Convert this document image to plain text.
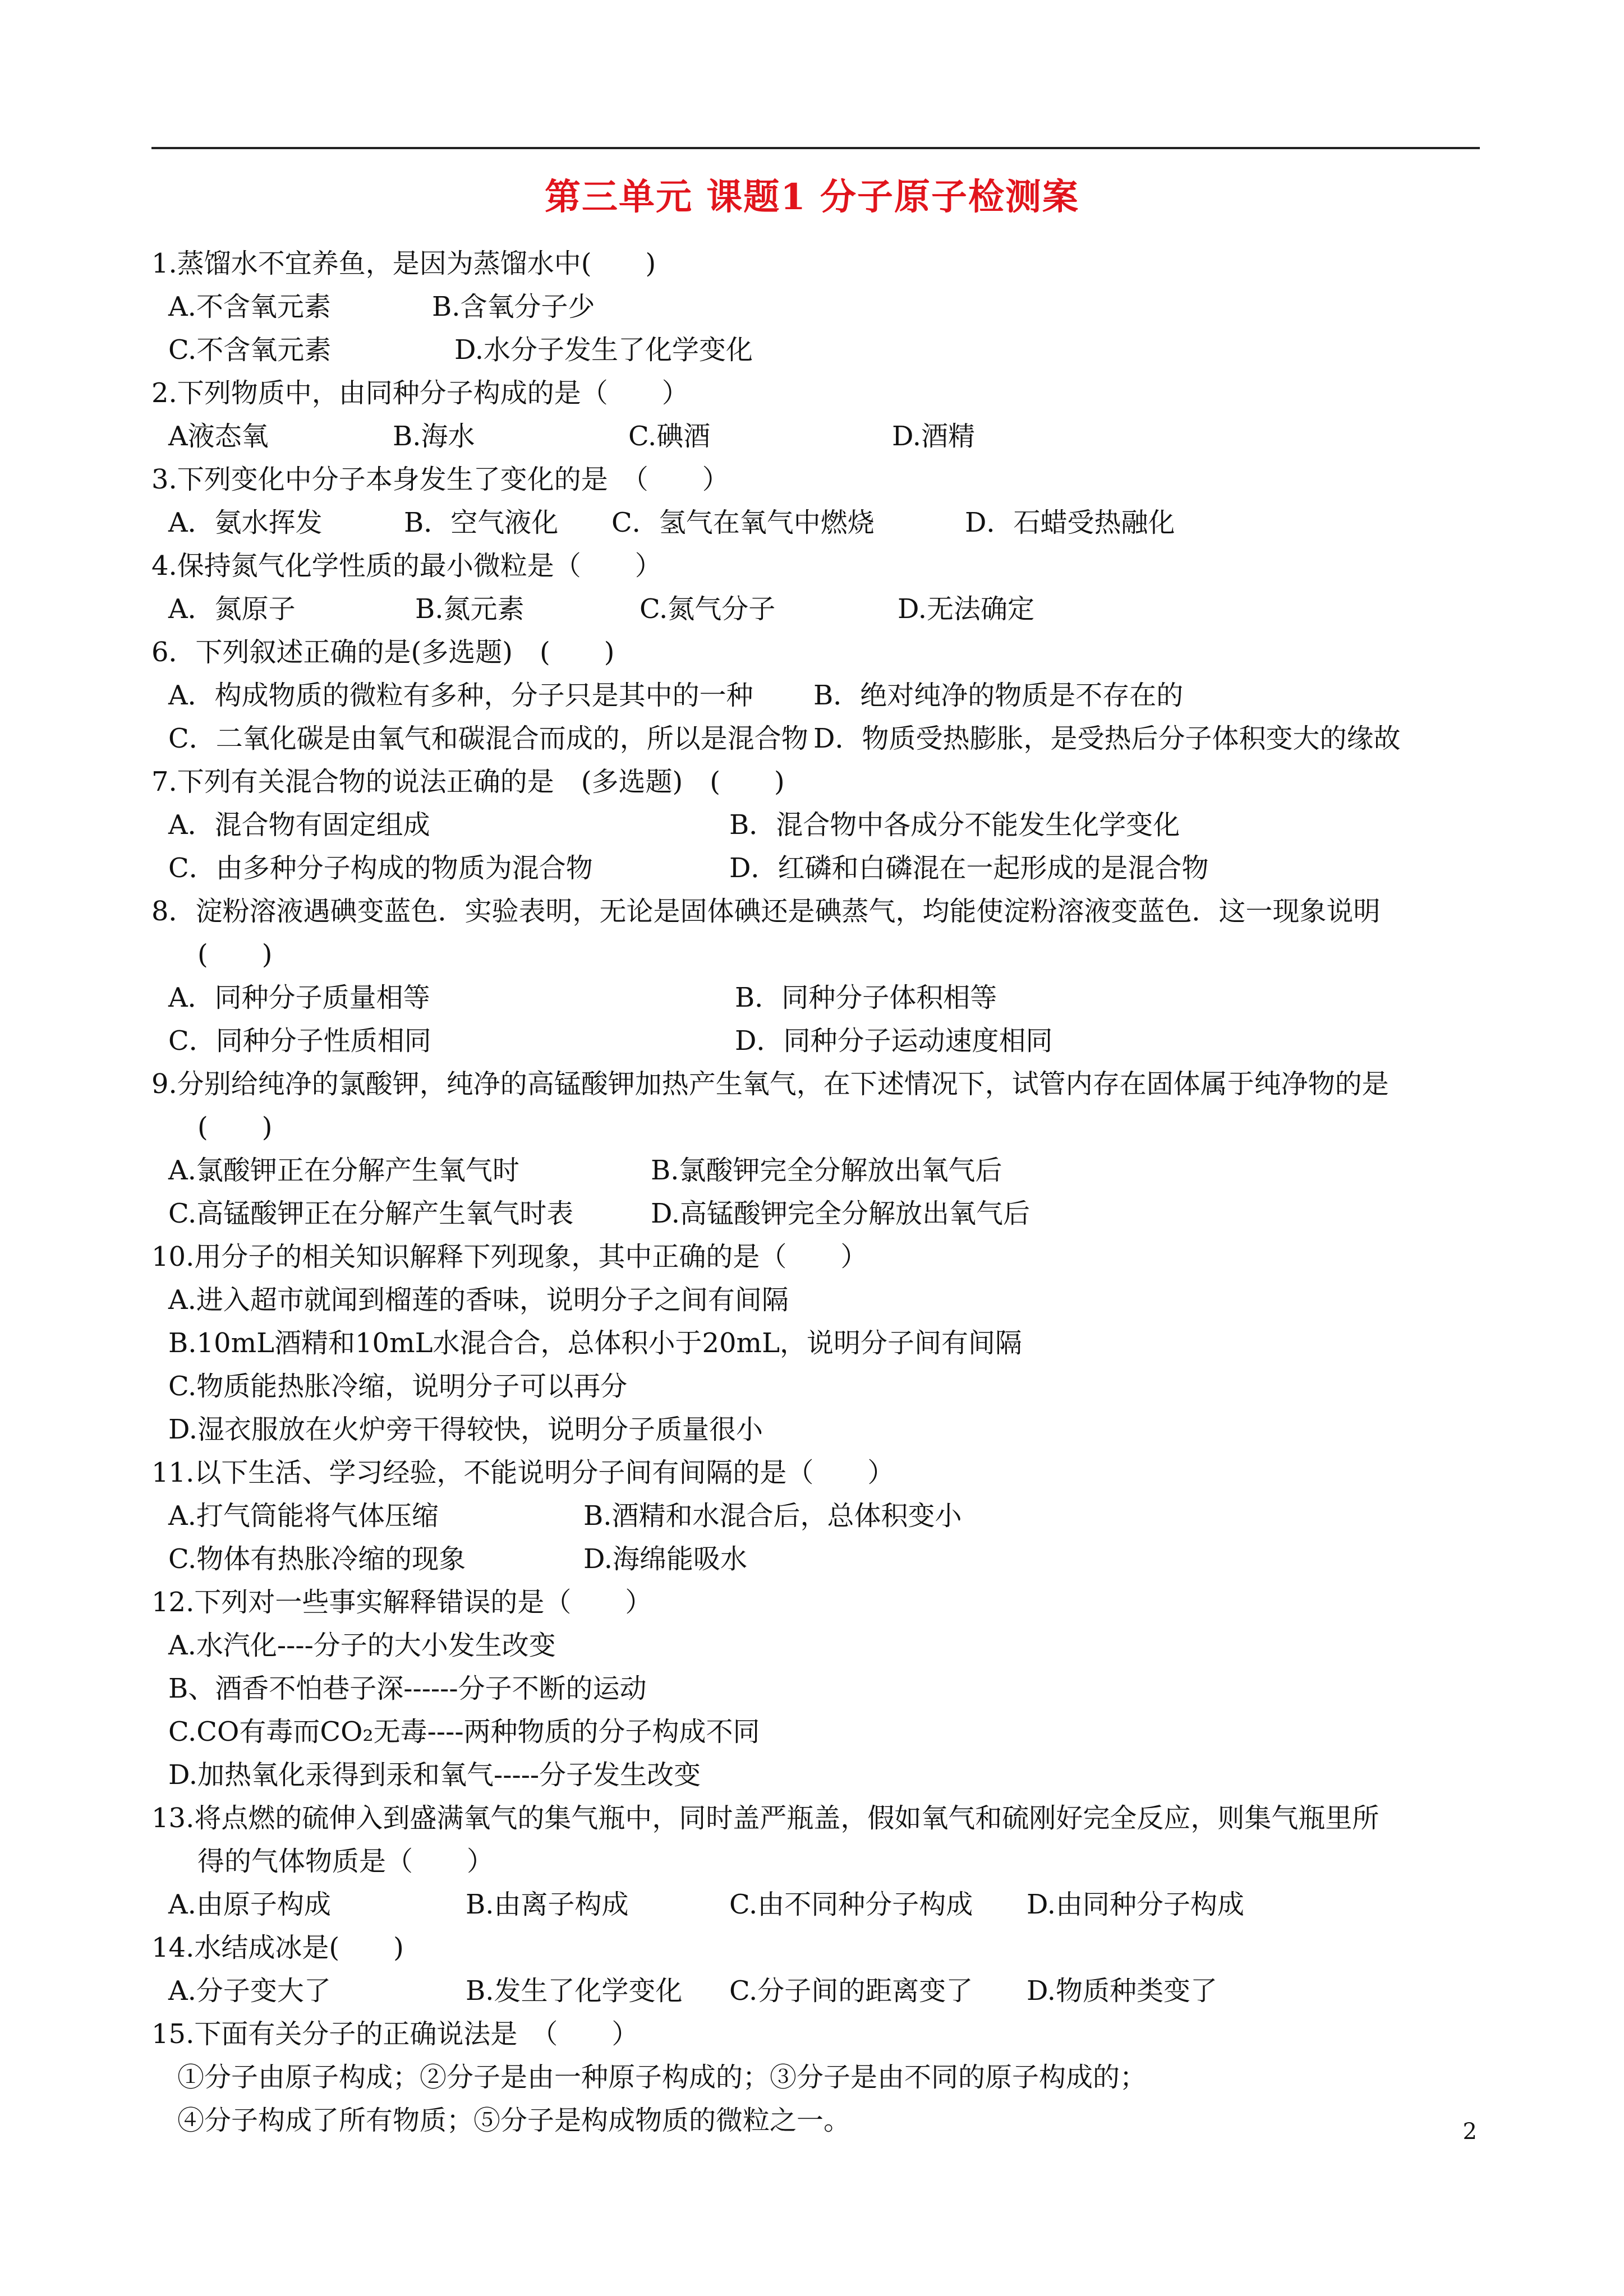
第三单元 课题1 分子原子检测案
1.蒸馏水不宜养鱼，是因为蒸馏水中(　　)
A.不含氧元素	B.含氧分子少
C.不含氧元素	D.水分子发生了化学变化
2.下列物质中，由同种分子构成的是（　　）
A液态氧	B.海水	C.碘酒	D.酒精
3.下列变化中分子本身发生了变化的是　（　　）
A．氨水挥发	B．空气液化 C．氢气在氧气中燃烧	D．石蜡受热融化
4.保持氮气化学性质的最小微粒是（　　）
A．氮原子	B.氮元素	C.氮气分子	D.无法确定
6．下列叙述正确的是(多选题)　(　　)
A．构成物质的微粒有多种，分子只是其中的一种 B．绝对纯净的物质是不存在的
C．二氧化碳是由氧气和碳混合而成的，所以是混合物 D．物质受热膨胀，是受热后分子体积变大的缘故
7.下列有关混合物的说法正确的是　(多选题)　(　　)
A．混合物有固定组成	B．混合物中各成分不能发生化学变化
C．由多种分子构成的物质为混合物	D．红磷和白磷混在一起形成的是混合物
8．淀粉溶液遇碘变蓝色．实验表明，无论是固体碘还是碘蒸气，均能使淀粉溶液变蓝色．这一现象说明
(　　)
A．同种分子质量相等	B．同种分子体积相等
C．同种分子性质相同	D．同种分子运动速度相同
9.分别给纯净的氯酸钾，纯净的高锰酸钾加热产生氧气，在下述情况下，试管内存在固体属于纯净物的是
(　　)
A.氯酸钾正在分解产生氧气时	B.氯酸钾完全分解放出氧气后
C.高锰酸钾正在分解产生氧气时表	D.高锰酸钾完全分解放出氧气后
10.用分子的相关知识解释下列现象，其中正确的是（　　）
A.进入超市就闻到榴莲的香味，说明分子之间有间隔
B.10mL酒精和10mL水混合合，总体积小于20mL，说明分子间有间隔
C.物质能热胀冷缩，说明分子可以再分
D.湿衣服放在火炉旁干得较快，说明分子质量很小
11.以下生活、学习经验，不能说明分子间有间隔的是（　　）
A.打气筒能将气体压缩	B.酒精和水混合后，总体积变小
C.物体有热胀冷缩的现象	D.海绵能吸水
12.下列对一些事实解释错误的是（　　）
A.水汽化----分子的大小发生改变
B、酒香不怕巷子深------分子不断的运动
C.CO有毒而CO₂无毒----两种物质的分子构成不同
D.加热氧化汞得到汞和氧气-----分子发生改变
13.将点燃的硫伸入到盛满氧气的集气瓶中，同时盖严瓶盖，假如氧气和硫刚好完全反应，则集气瓶里所
得的气体物质是（　　）
A.由原子构成	B.由离子构成	C.由不同种分子构成 D.由同种分子构成
14.水结成冰是(　　)
A.分子变大了	B.发生了化学变化 C.分子间的距离变了 D.物质种类变了
15.下面有关分子的正确说法是　（　　）
①分子由原子构成；②分子是由一种原子构成的；③分子是由不同的原子构成的；
④分子构成了所有物质；⑤分子是构成物质的微粒之一。	2
